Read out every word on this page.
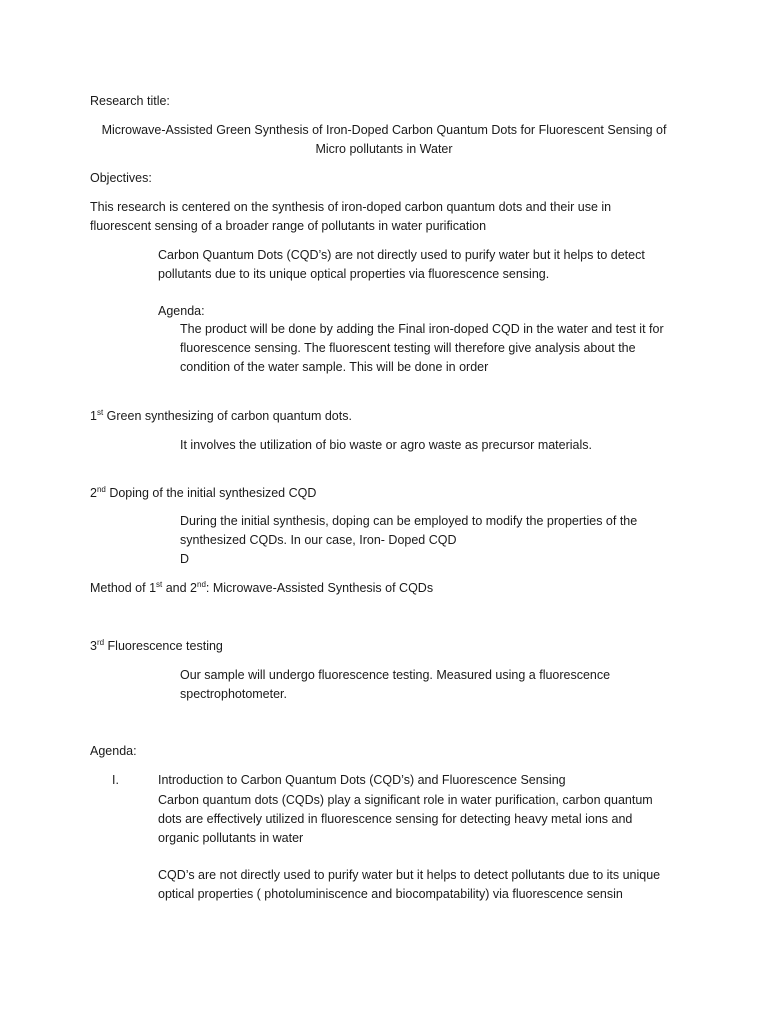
Research title:
Microwave-Assisted Green Synthesis of Iron-Doped Carbon Quantum Dots for Fluorescent Sensing of
Micro pollutants in Water
Objectives:
This research is centered on the synthesis of iron-doped carbon quantum dots and their use in
fluorescent sensing of a broader range of pollutants in water purification
Carbon Quantum Dots (CQD’s) are not directly used to purify water but it helps to detect
pollutants due to its unique optical properties via fluorescence sensing.
Agenda:
The product will be done by adding the Final iron-doped CQD in the water and test it for
fluorescence sensing. The fluorescent testing will therefore give analysis about the
condition of the water sample. This will be done in order
1st Green synthesizing of carbon quantum dots.
It involves the utilization of bio waste or agro waste as precursor materials.
2nd Doping of the initial synthesized CQD
During the initial synthesis, doping can be employed to modify the properties of the
synthesized CQDs. In our case, Iron- Doped CQD
D
Method of 1st and 2nd: Microwave-Assisted Synthesis of CQDs
3rd Fluorescence testing
Our sample will undergo fluorescence testing. Measured using a fluorescence
spectrophotometer.
Agenda:
I.	Introduction to Carbon Quantum Dots (CQD’s) and Fluorescence Sensing
Carbon quantum dots (CQDs) play a significant role in water purification, carbon quantum
dots are effectively utilized in fluorescence sensing for detecting heavy metal ions and
organic pollutants in water
CQD’s are not directly used to purify water but it helps to detect pollutants due to its unique
optical properties ( photoluminiscence and biocompatability) via fluorescence sensin
